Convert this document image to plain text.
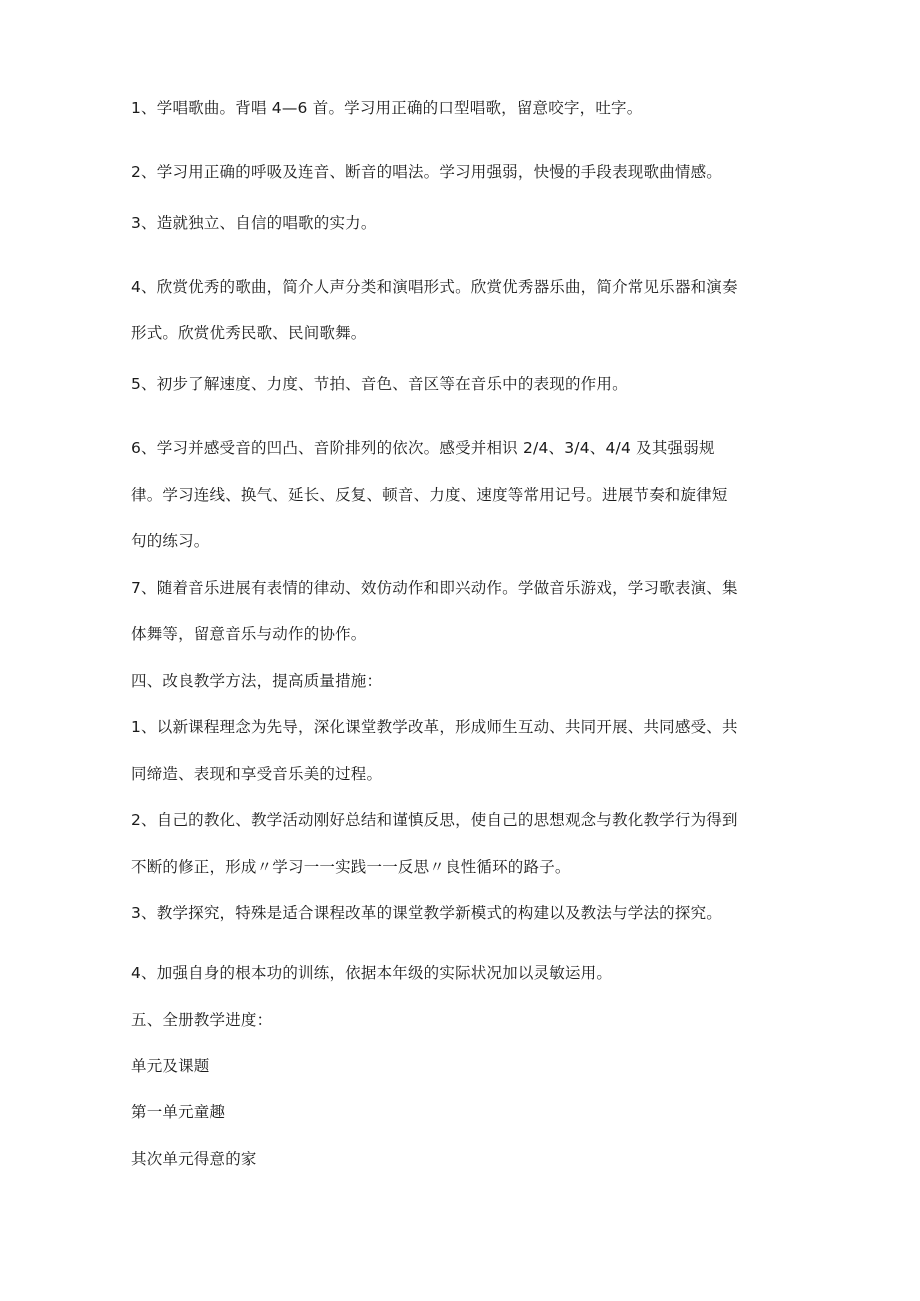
1、学唱歌曲。背唱 4—6 首。学习用正确的口型唱歌，留意咬字，吐字。
2、学习用正确的呼吸及连音、断音的唱法。学习用强弱，快慢的手段表现歌曲情感。
3、造就独立、自信的唱歌的实力。
4、欣赏优秀的歌曲，简介人声分类和演唱形式。欣赏优秀器乐曲，简介常见乐器和演奏
形式。欣赏优秀民歌、民间歌舞。
5、初步了解速度、力度、节拍、音色、音区等在音乐中的表现的作用。
6、学习并感受音的凹凸、音阶排列的依次。感受并相识 2/4、3/4、4/4 及其强弱规
律。学习连线、换气、延长、反复、顿音、力度、速度等常用记号。进展节奏和旋律短
句的练习。
7、随着音乐进展有表情的律动、效仿动作和即兴动作。学做音乐游戏，学习歌表演、集
体舞等，留意音乐与动作的协作。
四、改良教学方法，提高质量措施：
1、以新课程理念为先导，深化课堂教学改革，形成师生互动、共同开展、共同感受、共
同缔造、表现和享受音乐美的过程。
2、自己的教化、教学活动刚好总结和谨慎反思，使自己的思想观念与教化教学行为得到
不断的修正，形成〃学习一一实践一一反思〃良性循环的路子。
3、教学探究，特殊是适合课程改革的课堂教学新模式的构建以及教法与学法的探究。
4、加强自身的根本功的训练，依据本年级的实际状况加以灵敏运用。
五、全册教学进度：
单元及课题
第一单元童趣
其次单元得意的家
